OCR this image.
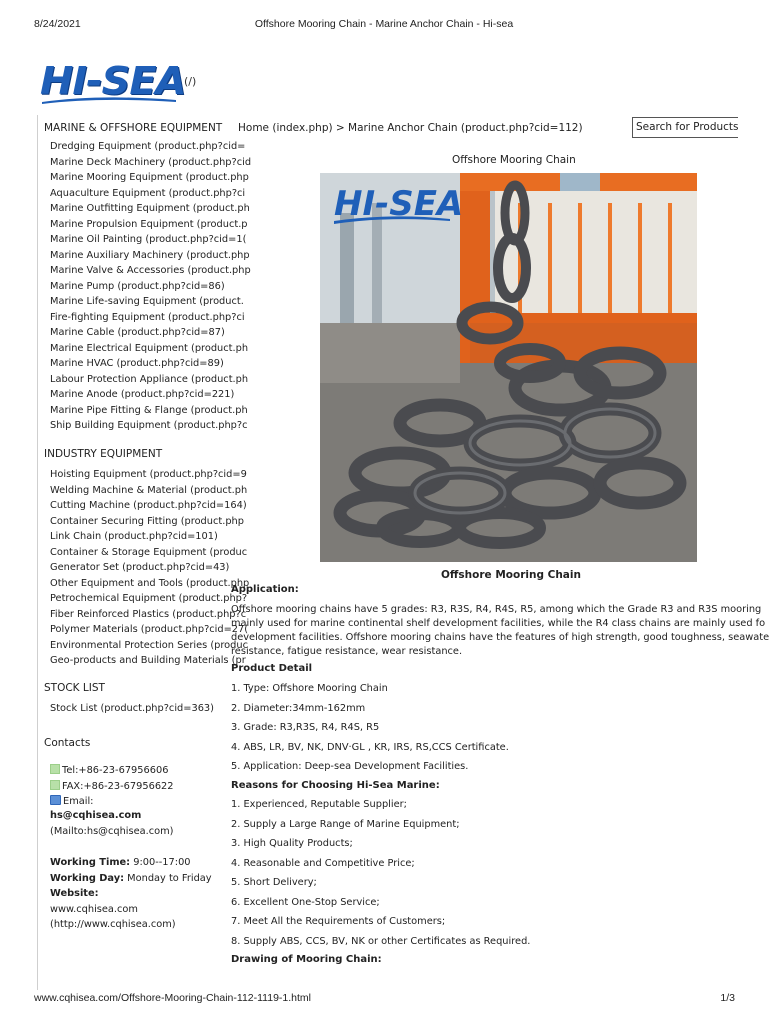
8/24/2021	Offshore Mooring Chain - Marine Anchor Chain - Hi-sea
HI-SEA
(/)
MARINE & OFFSHORE EQUIPMENT
Dredging Equipment (product.php?cid=
Marine Deck Machinery (product.php?cid
Marine Mooring Equipment (product.php
Aquaculture Equipment (product.php?ci
Marine Outfitting Equipment (product.ph
Marine Propulsion Equipment (product.p
Marine Oil Painting (product.php?cid=1(
Marine Auxiliary Machinery (product.php
Marine Valve & Accessories (product.php
Marine Pump (product.php?cid=86)
Marine Life-saving Equipment (product.
Fire-fighting Equipment (product.php?ci
Marine Cable (product.php?cid=87)
Marine Electrical Equipment (product.ph
Marine HVAC (product.php?cid=89)
Labour Protection Appliance (product.ph
Marine Anode (product.php?cid=221)
Marine Pipe Fitting & Flange (product.ph
Ship Building Equipment (product.php?c
INDUSTRY EQUIPMENT
Hoisting Equipment (product.php?cid=9
Welding Machine & Material (product.ph
Cutting Machine (product.php?cid=164)
Container Securing Fitting (product.php
Link Chain (product.php?cid=101)
Container & Storage Equipment (produc
Generator Set (product.php?cid=43)
Other Equipment and Tools (product.php
Petrochemical Equipment (product.php?
Fiber Reinforced Plastics (product.php?c
Polymer Materials (product.php?cid=27(
Environmental Protection Series (produc
Geo-products and Building Materials (pr
STOCK LIST
Stock List (product.php?cid=363)
Contacts
Tel:+86-23-67956606
FAX:+86-23-67956622
Email:
hs@cqhisea.com
(Mailto:hs@cqhisea.com)
Working Time: 9:00--17:00
Working Day: Monday to Friday
Website:
www.cqhisea.com
(http://www.cqhisea.com)
Home (index.php) > Marine Anchor Chain (product.php?cid=112)	Search for Products
Offshore Mooring Chain
HI-SEA
Offshore Mooring Chain
Application:
Offshore mooring chains have 5 grades: R3, R3S, R4, R4S, R5, among which the Grade R3 and R3S mooring
mainly used for marine continental shelf development facilities, while the R4 class chains are mainly used fo
development facilities. Offshore mooring chains have the features of high strength, good toughness, seawate
resistance, fatigue resistance, wear resistance.
Product Detail
1. Type: Offshore Mooring Chain
2. Diameter:34mm-162mm
3. Grade: R3,R3S, R4, R4S, R5
4. ABS, LR, BV, NK, DNV·GL , KR, IRS, RS,CCS Certificate.
5. Application: Deep-sea Development Facilities.
Reasons for Choosing Hi-Sea Marine:
1. Experienced, Reputable Supplier;
2. Supply a Large Range of Marine Equipment;
3. High Quality Products;
4. Reasonable and Competitive Price;
5. Short Delivery;
6. Excellent One-Stop Service;
7. Meet All the Requirements of Customers;
8. Supply ABS, CCS, BV, NK or other Certificates as Required.
Drawing of Mooring Chain:
www.cqhisea.com/Offshore-Mooring-Chain-112-1119-1.html	1/3
